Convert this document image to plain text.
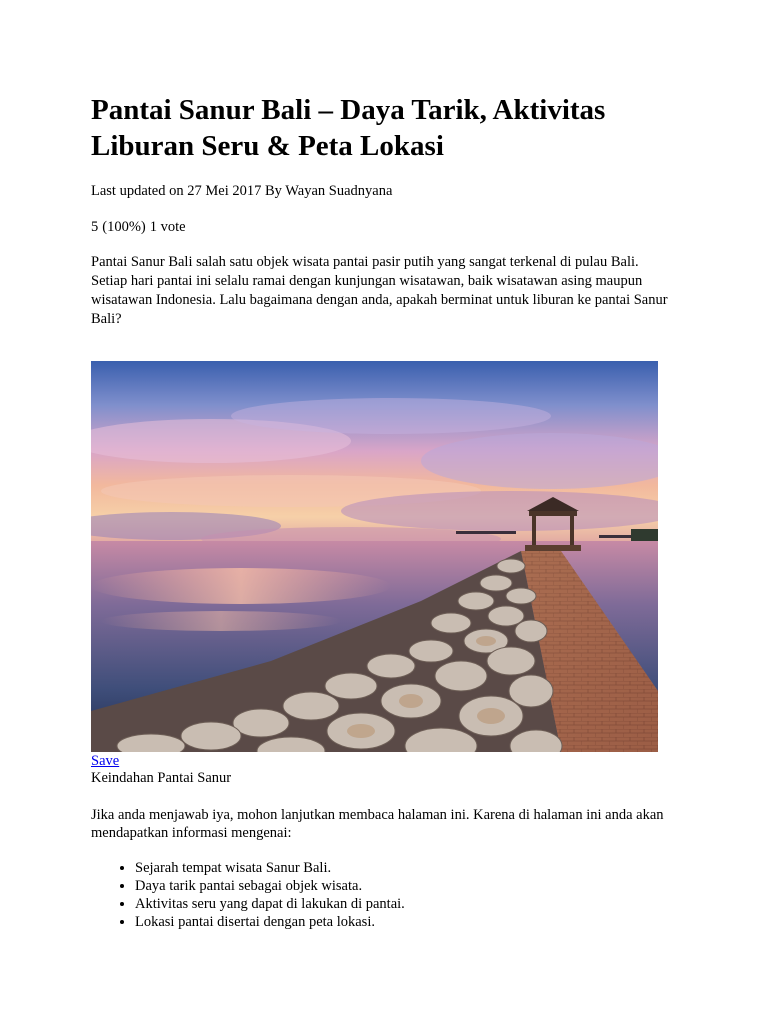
Pantai Sanur Bali – Daya Tarik, Aktivitas Liburan Seru & Peta Lokasi

Last updated on 27 Mei 2017 By Wayan Suadnyana

5 (100%) 1 vote

Pantai Sanur Bali salah satu objek wisata pantai pasir putih yang sangat terkenal di pulau Bali. Setiap hari pantai ini selalu ramai dengan kunjungan wisatawan, baik wisatawan asing maupun wisatawan Indonesia. Lalu bagaimana dengan anda, apakah berminat untuk liburan ke pantai Sanur Bali?

Save

Keindahan Pantai Sanur

Jika anda menjawab iya, mohon lanjutkan membaca halaman ini. Karena di halaman ini anda akan mendapatkan informasi mengenai:

• Sejarah tempat wisata Sanur Bali.
• Daya tarik pantai sebagai objek wisata.
• Aktivitas seru yang dapat di lakukan di pantai.
• Lokasi pantai disertai dengan peta lokasi.
